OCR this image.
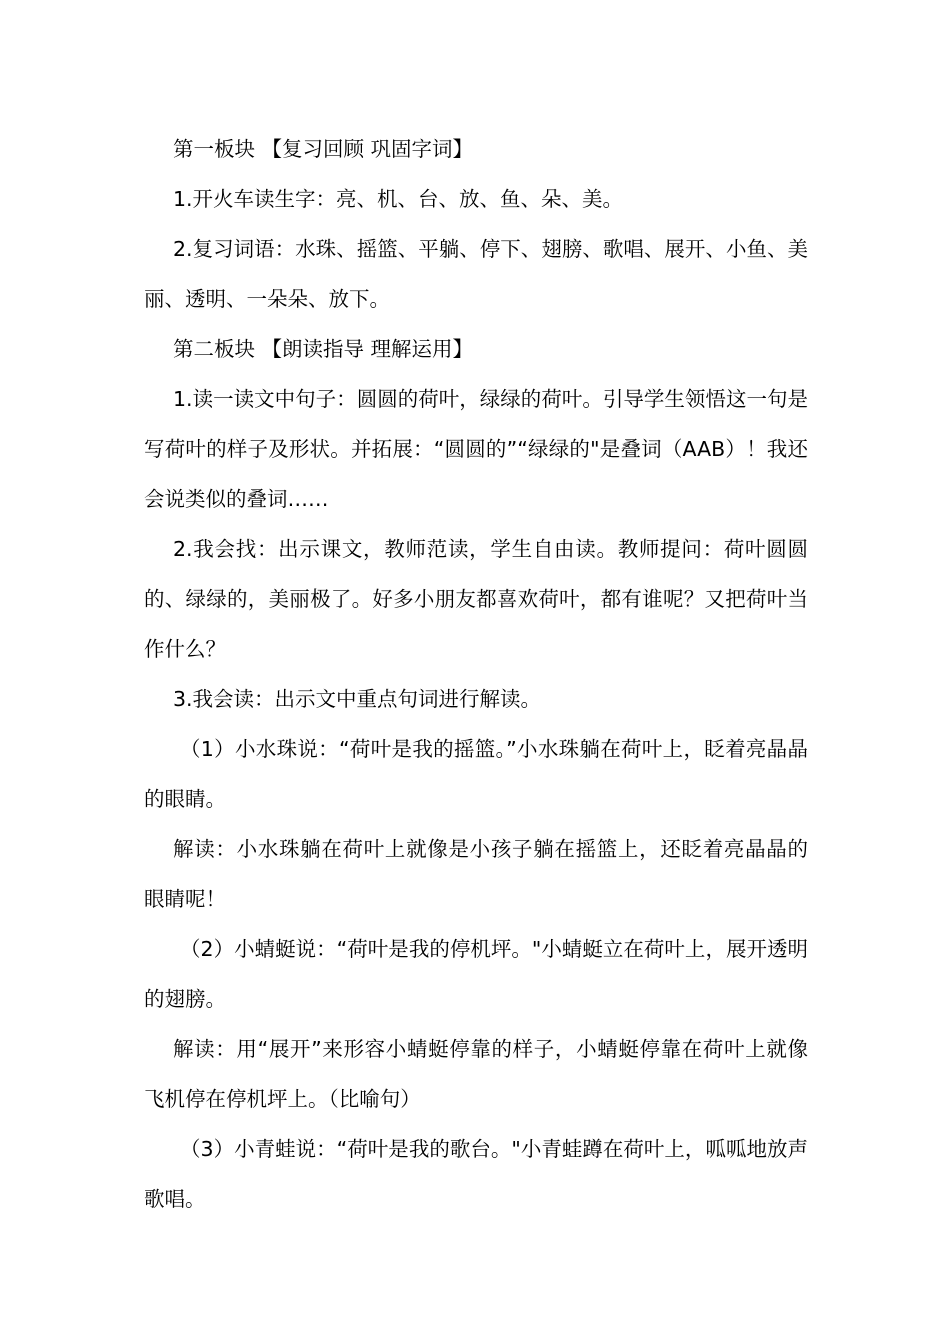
第一板块 【复习回顾 巩固字词】

1.开火车读生字：亮、机、台、放、鱼、朵、美。

2.复习词语：水珠、摇篮、平躺、停下、翅膀、歌唱、展开、小鱼、美丽、透明、一朵朵、放下。

第二板块 【朗读指导 理解运用】

1.读一读文中句子：圆圆的荷叶，绿绿的荷叶。引导学生领悟这一句是写荷叶的样子及形状。并拓展：“圆圆的”“绿绿的"是叠词（AAB）！我还会说类似的叠词……

2.我会找：出示课文，教师范读，学生自由读。教师提问：荷叶圆圆的、绿绿的，美丽极了。好多小朋友都喜欢荷叶，都有谁呢？又把荷叶当作什么？

3.我会读：出示文中重点句词进行解读。

（1）小水珠说：“荷叶是我的摇篮。”小水珠躺在荷叶上，眨着亮晶晶的眼睛。

解读：小水珠躺在荷叶上就像是小孩子躺在摇篮上，还眨着亮晶晶的眼睛呢！

（2）小蜻蜓说：“荷叶是我的停机坪。"小蜻蜓立在荷叶上，展开透明的翅膀。

解读：用“展开”来形容小蜻蜓停靠的样子，小蜻蜓停靠在荷叶上就像飞机停在停机坪上。（比喻句）

（3）小青蛙说：“荷叶是我的歌台。"小青蛙蹲在荷叶上，呱呱地放声歌唱。
